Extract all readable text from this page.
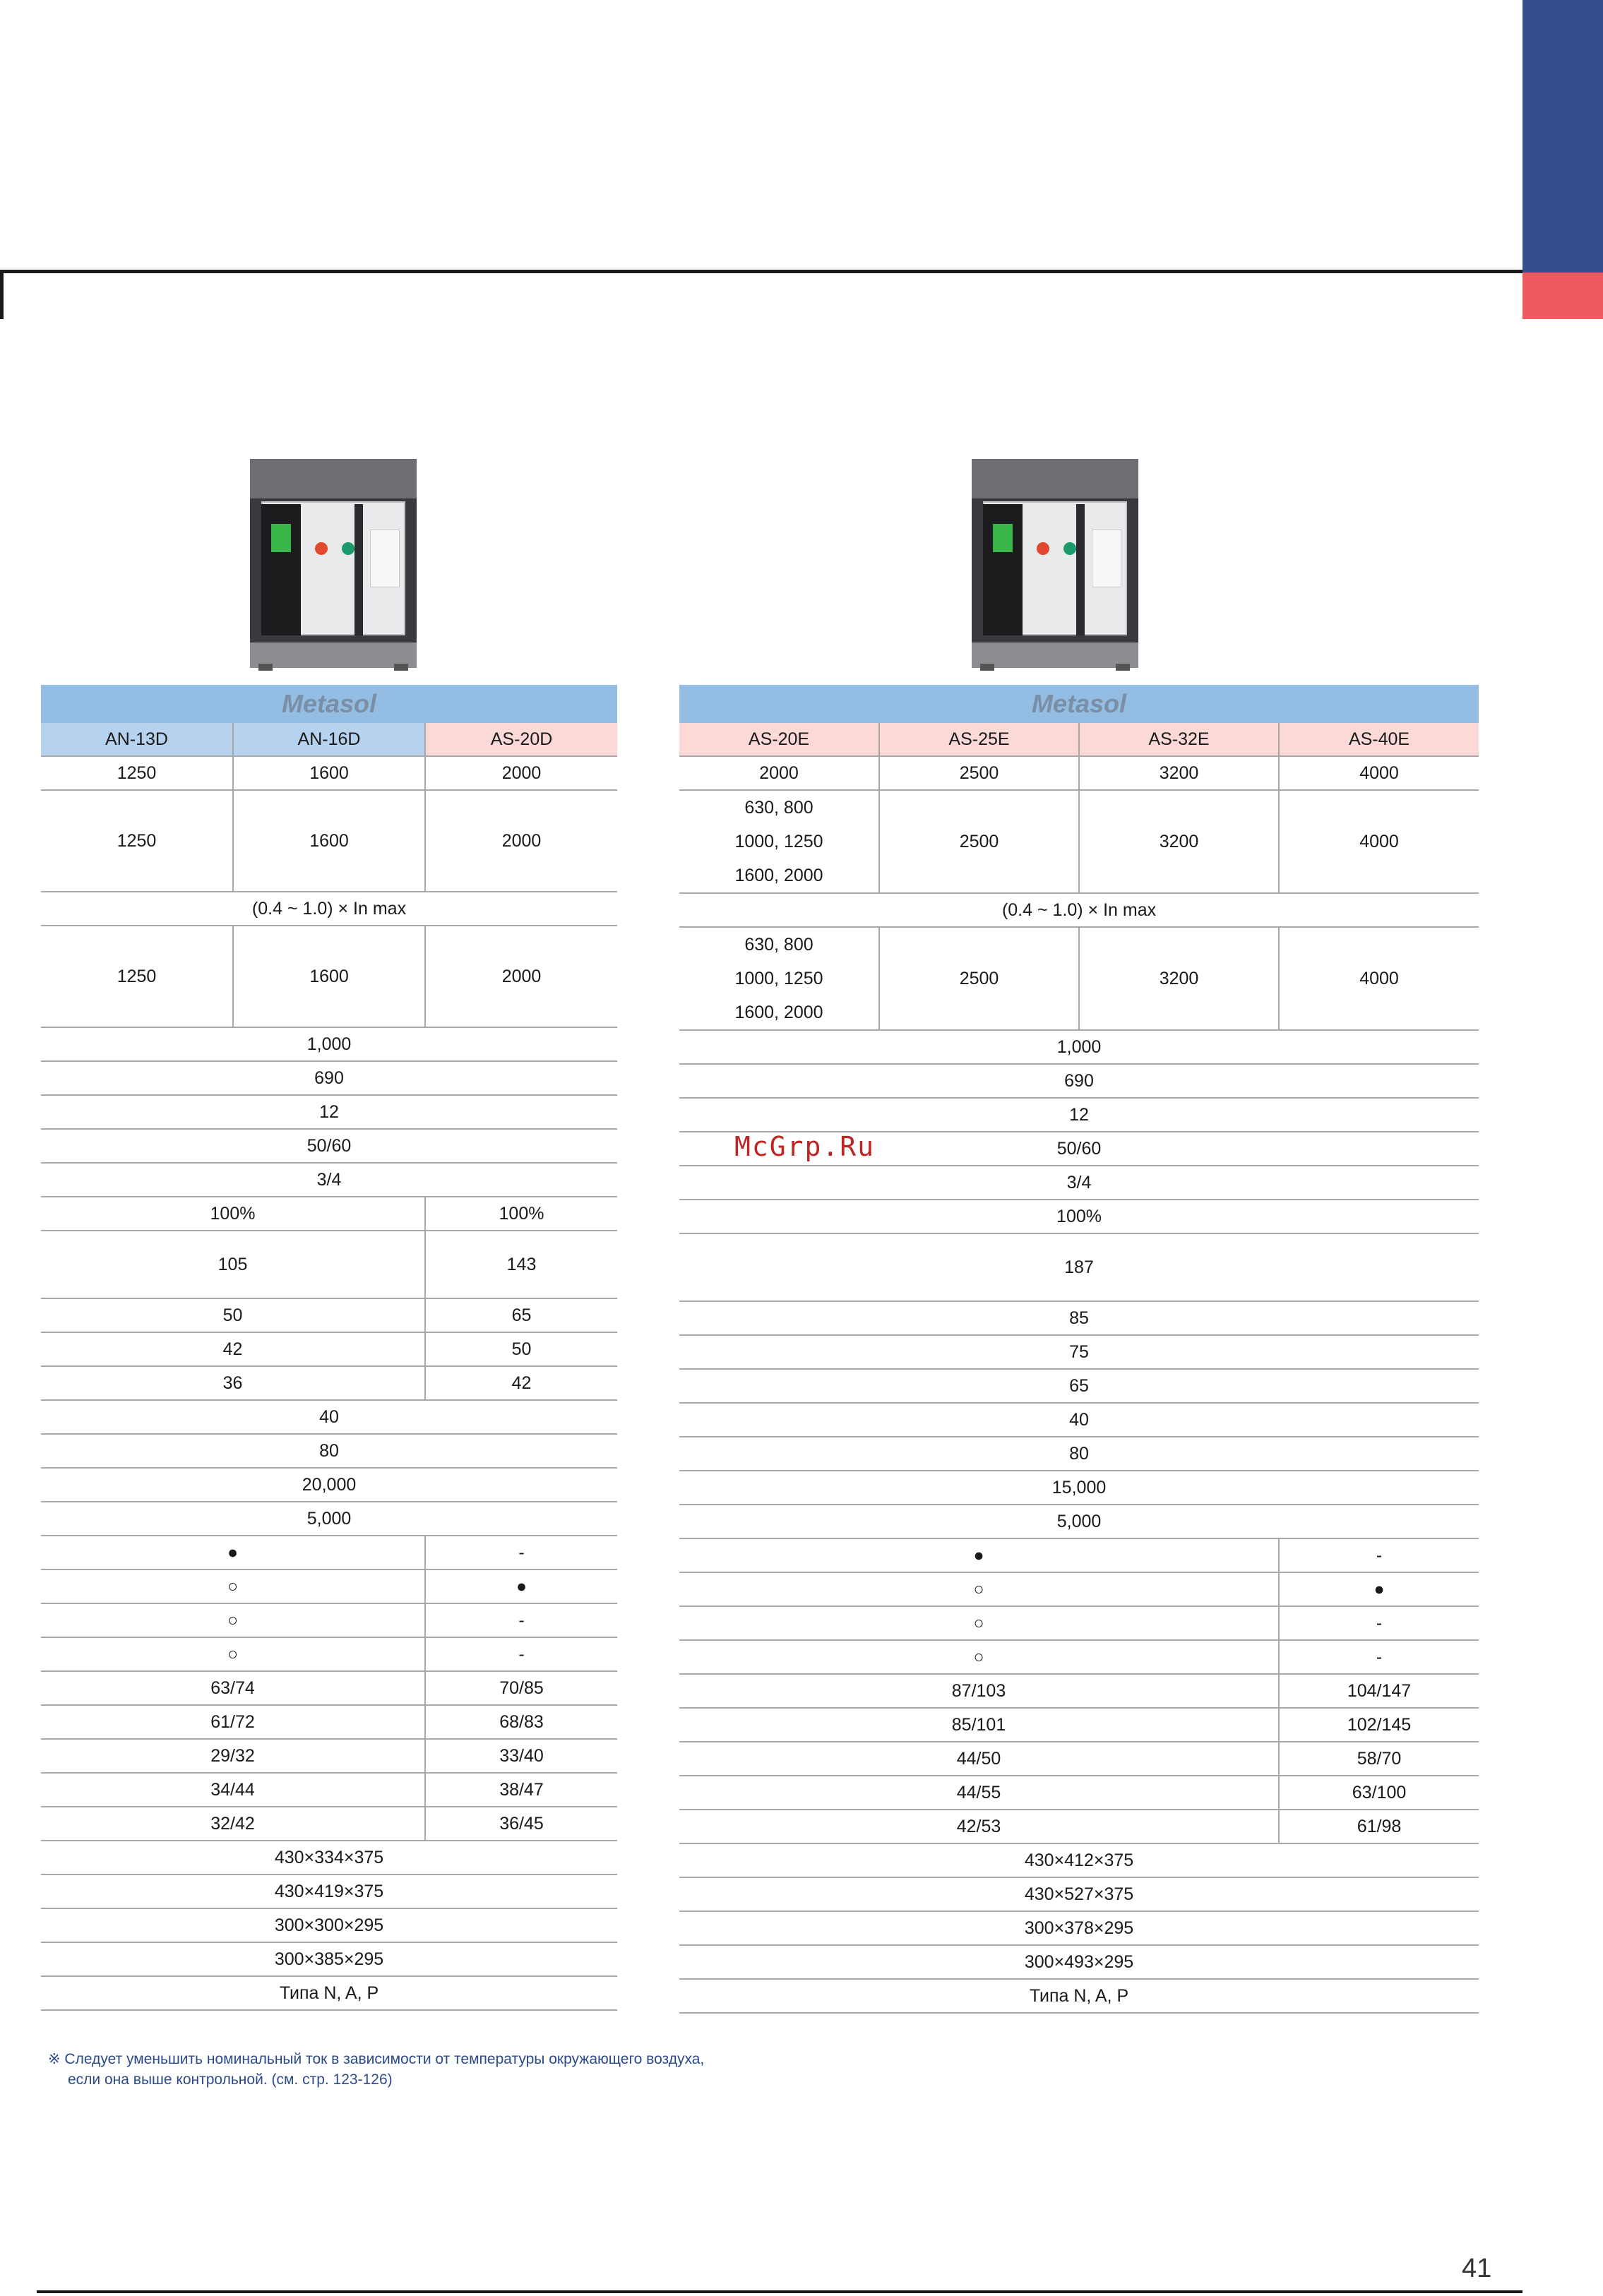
Metasol		
AN-13D	AN-16D	AS-20D
1250	1600	2000
1250	1600	2000
(0.4 ~ 1.0) × In max		
1250	1600	2000
1,000		
690		
12		
50/60		
3/4		
100%		100%
105		143
50		65
42		50
36		42
40		
80		
20,000		
5,000		
●		-
○		●
○		-
○		-
63/74		70/85
61/72		68/83
29/32		33/40
34/44		38/47
32/42		36/45
430×334×375		
430×419×375		
300×300×295		
300×385×295		
Типа N, A, P		
Metasol			
AS-20E	AS-25E	AS-32E	AS-40E
2000	2500	3200	4000

630, 800
1000, 1250
1600, 2000	2500	3200	4000
(0.4 ~ 1.0) × In max			

630, 800
1000, 1250
1600, 2000	2500	3200	4000
1,000			
690			
12			
50/60			
3/4			
100%			
187			
85			
75			
65			
40			
80			
15,000			
5,000			
●			-
○			●
○			-
○			-
87/103			104/147
85/101			102/145
44/50			58/70
44/55			63/100
42/53			61/98
430×412×375			
430×527×375			
300×378×295			
300×493×295			
Типа N, A, P			
McGrp.Ru
※ Следует уменьшить номинальный ток в зависимости от температуры окружающего воздуха,
если она выше контрольной. (см. стр. 123-126)
41
